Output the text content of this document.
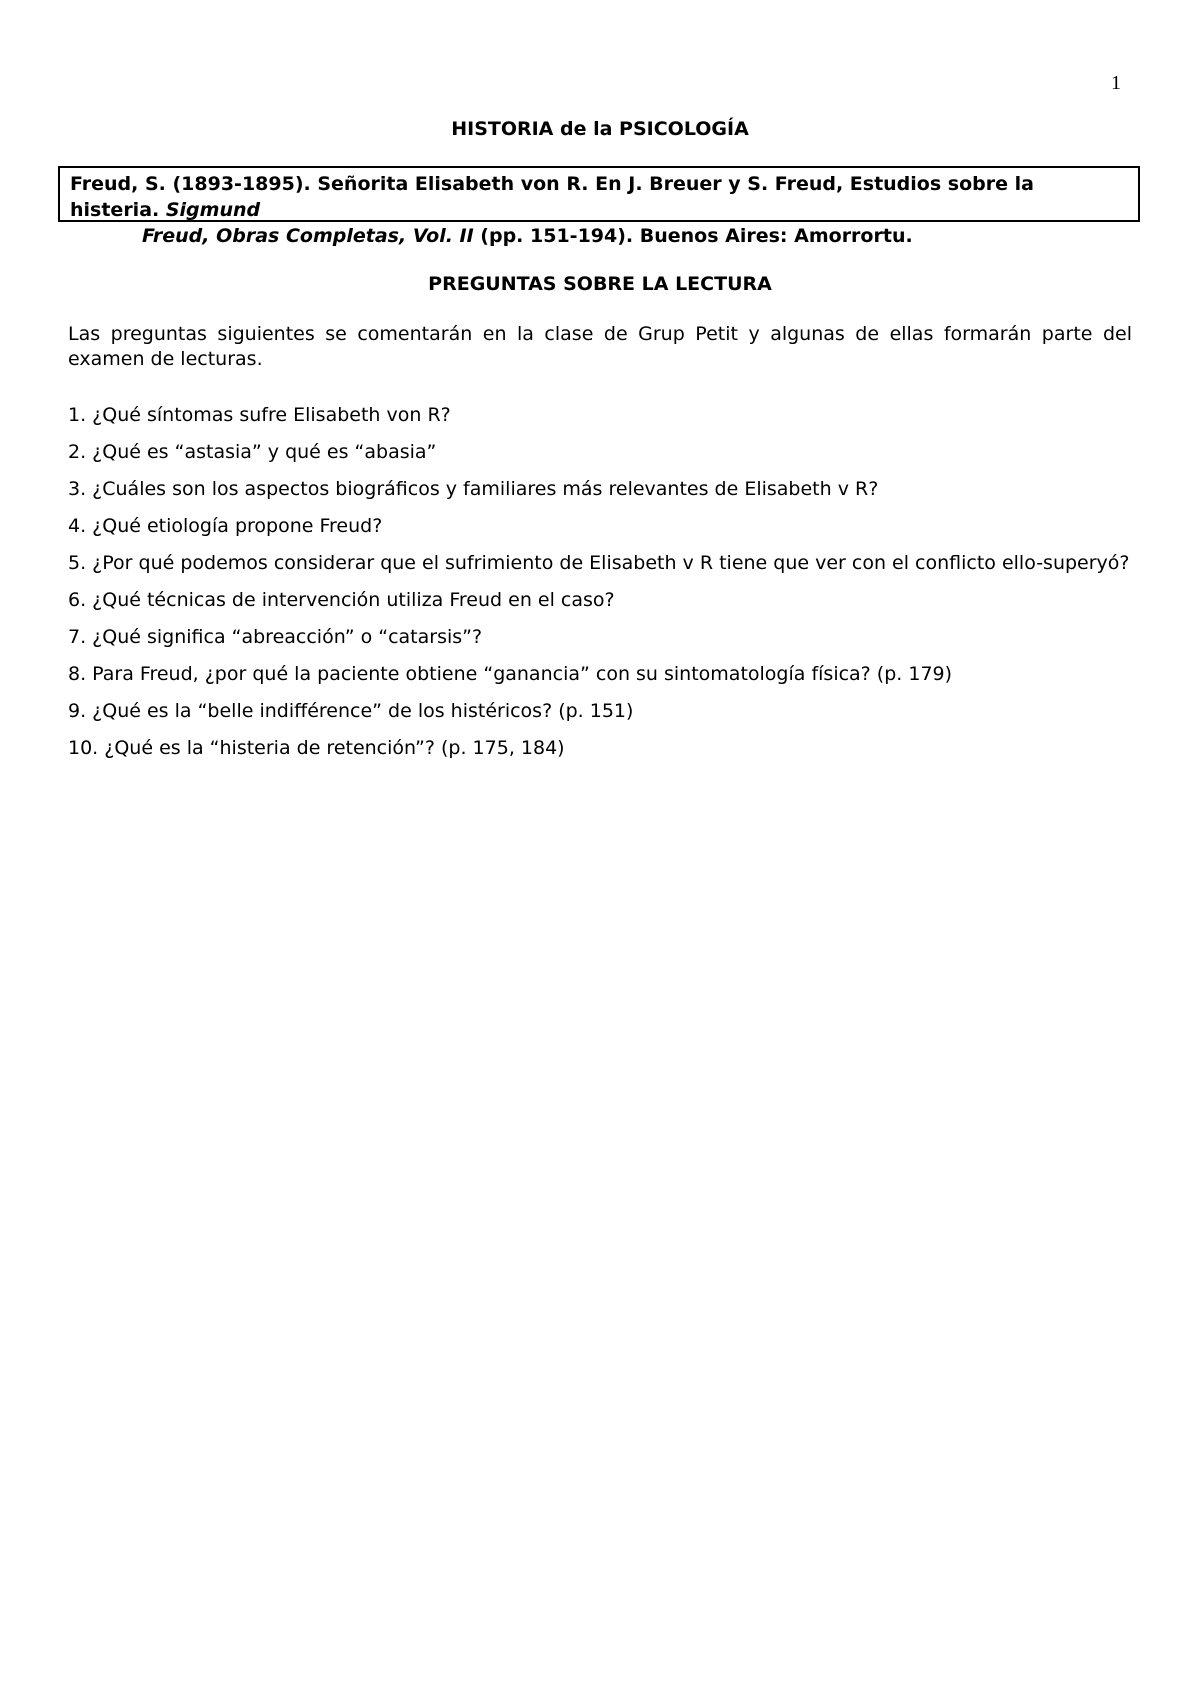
1
HISTORIA de la PSICOLOGÍA
Freud, S. (1893-1895). Señorita Elisabeth von R. En J. Breuer y S. Freud, Estudios sobre la histeria. Sigmund
Freud, Obras Completas, Vol. II (pp. 151-194). Buenos Aires: Amorrortu.
PREGUNTAS SOBRE LA LECTURA
Las preguntas siguientes se comentarán en la clase de Grup Petit y algunas de ellas formarán parte del examen de lecturas.
1. ¿Qué síntomas sufre Elisabeth von R?
2. ¿Qué es “astasia” y qué es “abasia”
3. ¿Cuáles son los aspectos biográficos y familiares más relevantes de Elisabeth v R?
4. ¿Qué etiología propone Freud?
5. ¿Por qué podemos considerar que el sufrimiento de Elisabeth v R tiene que ver con el conflicto ello-superyó?
6. ¿Qué técnicas de intervención utiliza Freud en el caso?
7. ¿Qué significa “abreacción” o “catarsis”?
8. Para Freud, ¿por qué la paciente obtiene “ganancia” con su sintomatología física? (p. 179)
9. ¿Qué es la “belle indifférence” de los histéricos? (p. 151)
10. ¿Qué es la “histeria de retención”? (p. 175, 184)
